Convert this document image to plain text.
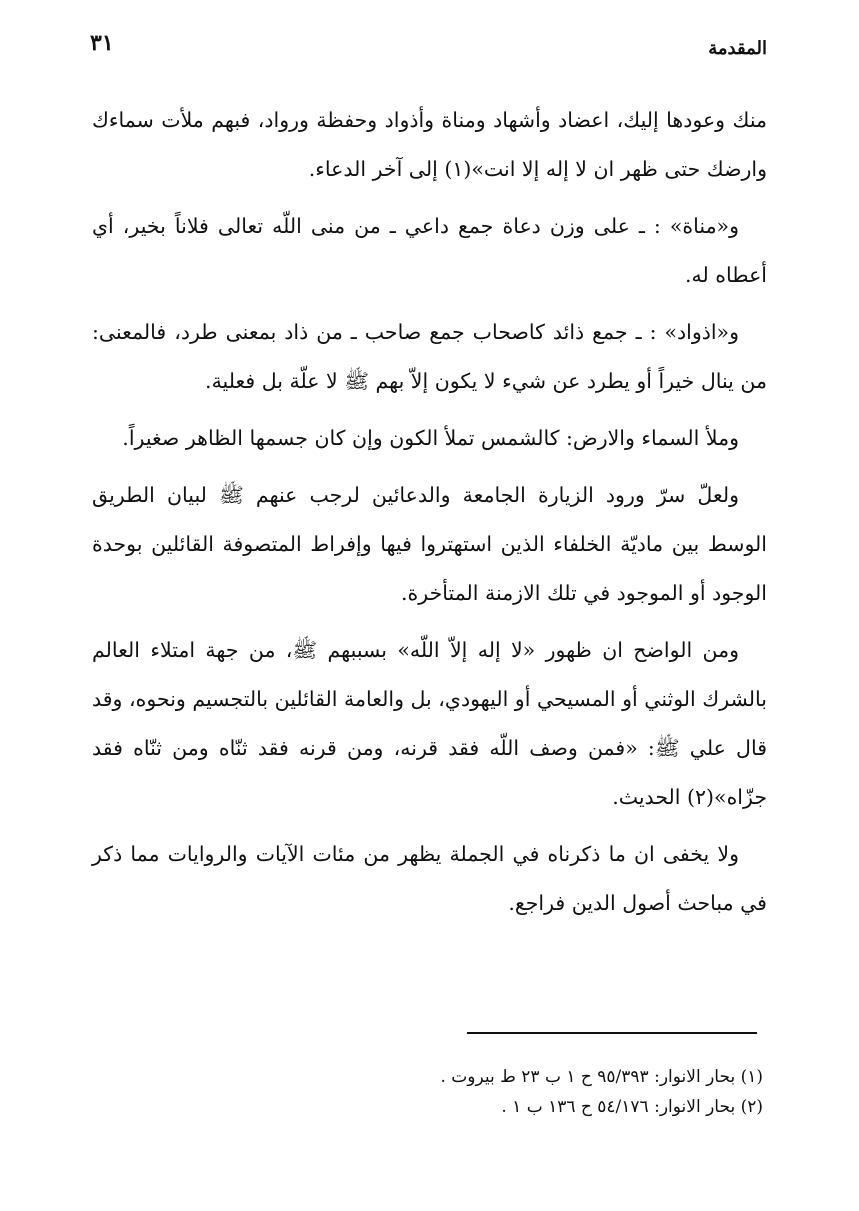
٣١	المقدمة

منك وعودها إليك، اعضاد وأشهاد ومناة وأذواد وحفظة ورواد، فبهم ملأت سماءك وارضك حتى ظهر ان لا إله إلا انت»(١) إلى آخر الدعاء.

و«مناة» : ـ على وزن دعاة جمع داعي ـ من منى اللّه تعالى فلاناً بخير، أي أعطاه له.

و«اذواد» : ـ جمع ذائد كاصحاب جمع صاحب ـ من ذاد بمعنى طرد، فالمعنى: من ينال خيراً أو يطرد عن شيء لا يكون إلاّ بهم ﷺ لا علّة بل فعلية.

وملأ السماء والارض: كالشمس تملأ الكون وإن كان جسمها الظاهر صغيراً.

ولعلّ سرّ ورود الزيارة الجامعة والدعائين لرجب عنهم ﷺ لبيان الطريق الوسط بين ماديّة الخلفاء الذين استهتروا فيها وإفراط المتصوفة القائلين بوحدة الوجود أو الموجود في تلك الازمنة المتأخرة.

ومن الواضح ان ظهور «لا إله إلاّ اللّه» بسببهم ﷺ، من جهة امتلاء العالم بالشرك الوثني أو المسيحي أو اليهودي، بل والعامة القائلين بالتجسيم ونحوه، وقد قال علي ﷺ: «فمن وصف اللّه فقد قرنه، ومن قرنه فقد ثنّاه ومن ثنّاه فقد جزّاه»(٢) الحديث.

ولا يخفى ان ما ذكرناه في الجملة يظهر من مئات الآيات والروايات مما ذكر في مباحث أصول الدين فراجع.

(١) بحار الانوار: ٩٥/٣٩٣ ح ١ ب ٢٣ ط بيروت .

(٢) بحار الانوار: ٥٤/١٧٦ ح ١٣٦ ب ١ .
